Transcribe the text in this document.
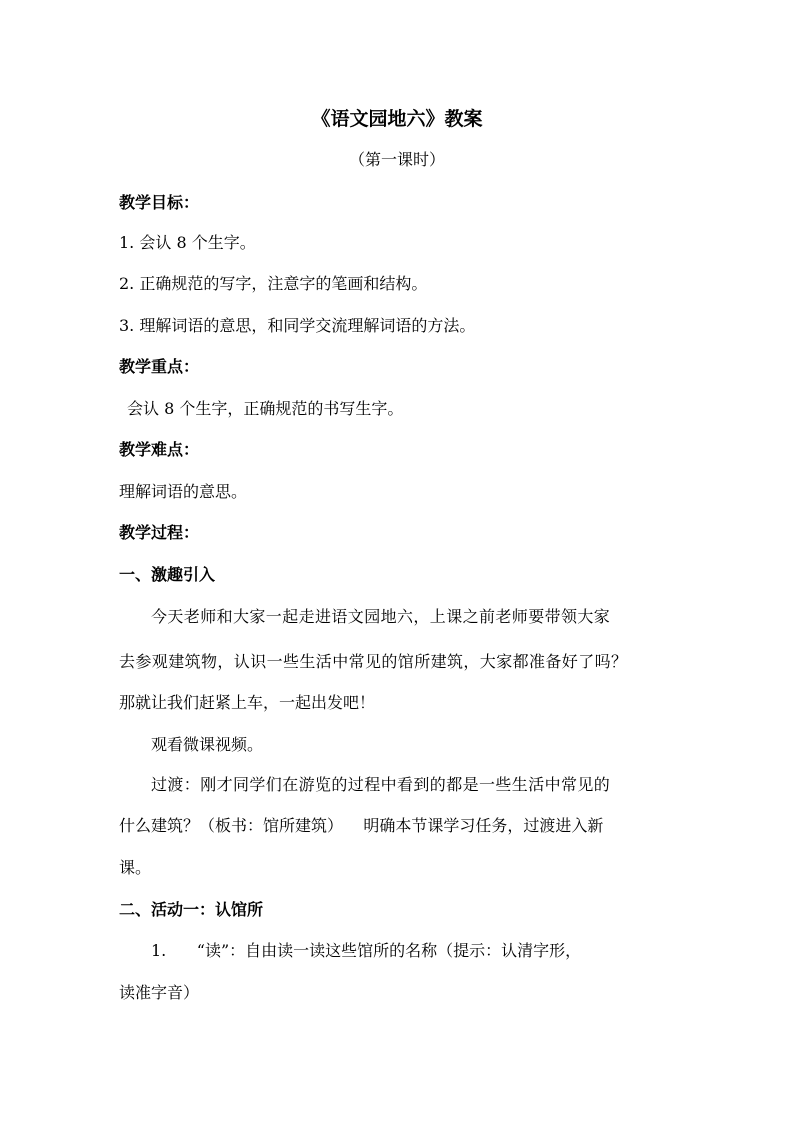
《语文园地六》教案
（第一课时）
教学目标：
1. 会认 8 个生字。
2. 正确规范的写字，注意字的笔画和结构。
3. 理解词语的意思，和同学交流理解词语的方法。
教学重点：
会认 8 个生字，正确规范的书写生字。
教学难点：
理解词语的意思。
教学过程：
一、激趣引入
今天老师和大家一起走进语文园地六，上课之前老师要带领大家
去参观建筑物，认识一些生活中常见的馆所建筑，大家都准备好了吗？
那就让我们赶紧上车，一起出发吧！
观看微课视频。
过渡：刚才同学们在游览的过程中看到的都是一些生活中常见的
什么建筑？（板书：馆所建筑）    明确本节课学习任务，过渡进入新
课。
二、活动一：认馆所
1.      “读”：自由读一读这些馆所的名称（提示：认清字形，
读准字音）
